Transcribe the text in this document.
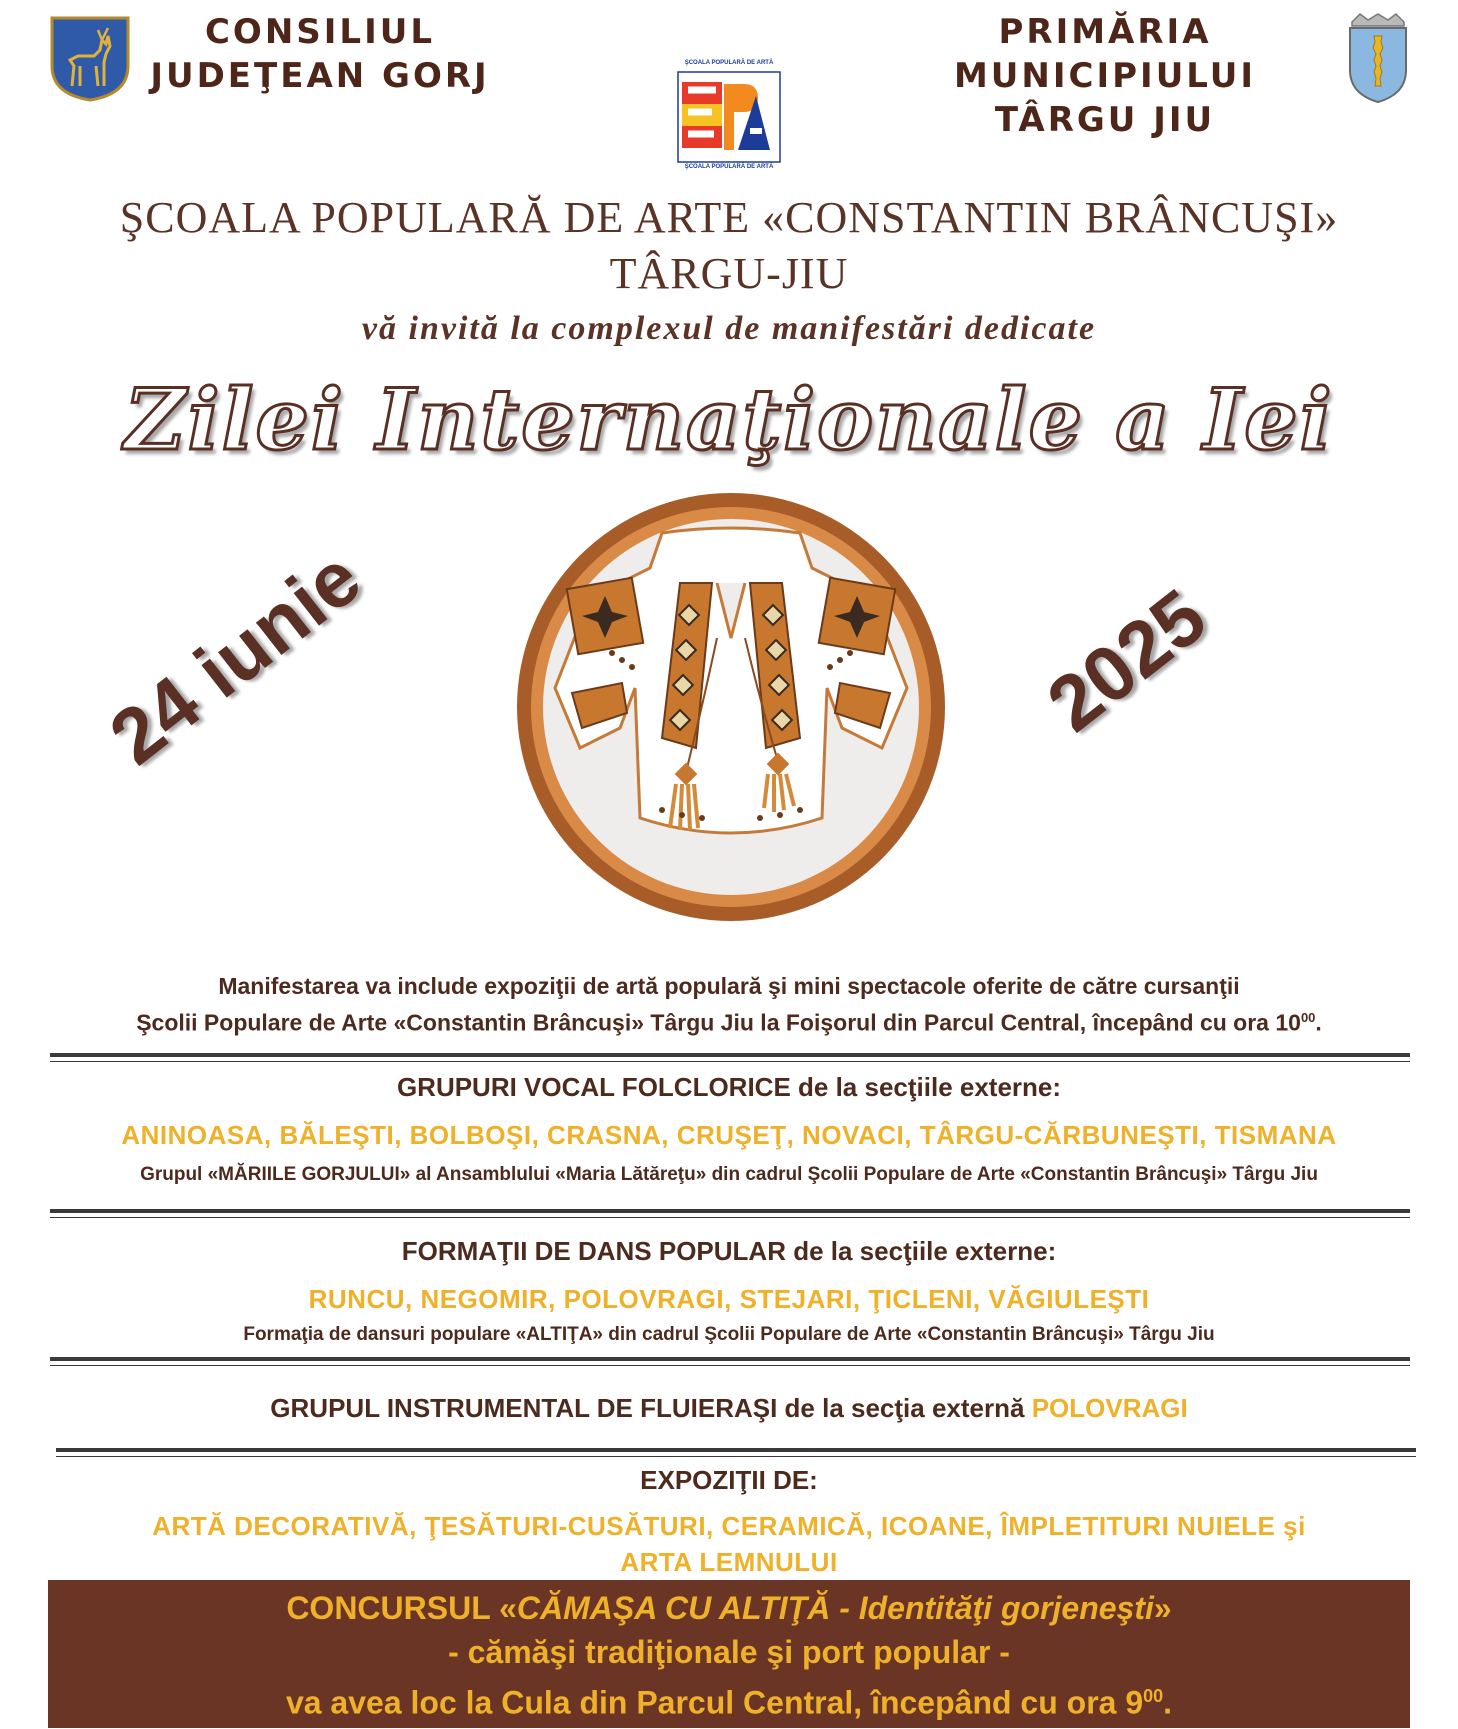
CONSILIUL
JUDEŢEAN GORJ
PRIMĂRIA MUNICIPIULUI
TÂRGU JIU
ŞCOALA POPULARĂ DE ARTĂ
ŞCOALA POPULARĂ DE ARTĂ
ŞCOALA POPULARĂ DE ARTE «CONSTANTIN BRÂNCUŞI»
TÂRGU-JIU
vă invită la complexul de manifestări dedicate
Zilei Internaţionale a Iei
24 iunie	2025
Manifestarea va include expoziţii de artă populară şi mini spectacole oferite de către cursanţii
Şcolii Populare de Arte «Constantin Brâncuşi» Târgu Jiu la Foişorul din Parcul Central, începând cu ora $10^{00}$.
GRUPURI VOCAL FOLCLORICE de la secţiile externe:
ANINOASA, BĂLEŞTI, BOLBOŞI, CRASNA, CRUŞEŢ, NOVACI, TÂRGU-CĂRBUNEŞTI, TISMANA
Grupul «MĂRIILE GORJULUI» al Ansamblului «Maria Lătăreţu» din cadrul Şcolii Populare de Arte «Constantin Brâncuşi» Târgu Jiu
FORMAŢII DE DANS POPULAR de la secţiile externe:
RUNCU, NEGOMIR, POLOVRAGI, STEJARI, ŢICLENI, VĂGIULEŞTI
Formaţia de dansuri populare «ALTIŢA» din cadrul Şcolii Populare de Arte «Constantin Brâncuşi» Târgu Jiu
GRUPUL INSTRUMENTAL DE FLUIERAŞI de la secţia externă POLOVRAGI
EXPOZIŢII DE:
ARTĂ DECORATIVĂ, ŢESĂTURI-CUSĂTURI, CERAMICĂ, ICOANE, ÎMPLETITURI NUIELE şi
ARTA LEMNULUI
CONCURSUL «CĂMAŞA CU ALTIŢĂ - Identităţi gorjeneşti»
- cămăşi tradiţionale şi port popular -
va avea loc la Cula din Parcul Central, începând cu ora $9^{00}$.
